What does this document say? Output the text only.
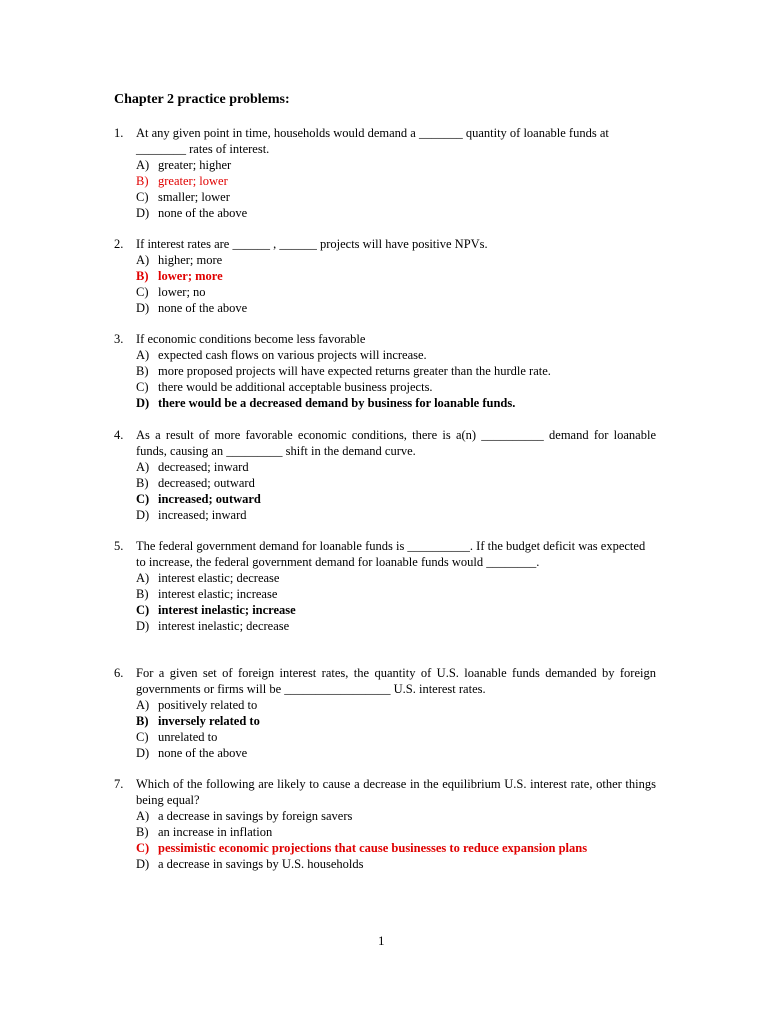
Chapter 2 practice problems:
1.	At any given point in time, households would demand a _______ quantity of loanable funds at ________ rates of interest.
A) greater; higher
B) greater; lower
C) smaller; lower
D) none of the above
2.	If interest rates are ______ , ______ projects will have positive NPVs.
A) higher; more
B) lower; more
C) lower; no
D) none of the above
3.	If economic conditions become less favorable
A) expected cash flows on various projects will increase.
B) more proposed projects will have expected returns greater than the hurdle rate.
C) there would be additional acceptable business projects.
D) there would be a decreased demand by business for loanable funds.
4.	As a result of more favorable economic conditions, there is a(n) __________ demand for loanable funds, causing an _________ shift in the demand curve.
A) decreased; inward
B) decreased; outward
C) increased; outward
D) increased; inward
5.	The federal government demand for loanable funds is __________. If the budget deficit was expected to increase, the federal government demand for loanable funds would ________.
A) interest elastic; decrease
B) interest elastic; increase
C) interest inelastic; increase
D) interest inelastic; decrease
6.	For a given set of foreign interest rates, the quantity of U.S. loanable funds demanded by foreign governments or firms will be _________________ U.S. interest rates.
A) positively related to
B) inversely related to
C) unrelated to
D) none of the above
7.	Which of the following are likely to cause a decrease in the equilibrium U.S. interest rate, other things being equal?
A) a decrease in savings by foreign savers
B) an increase in inflation
C) pessimistic economic projections that cause businesses to reduce expansion plans
D) a decrease in savings by U.S. households
1
